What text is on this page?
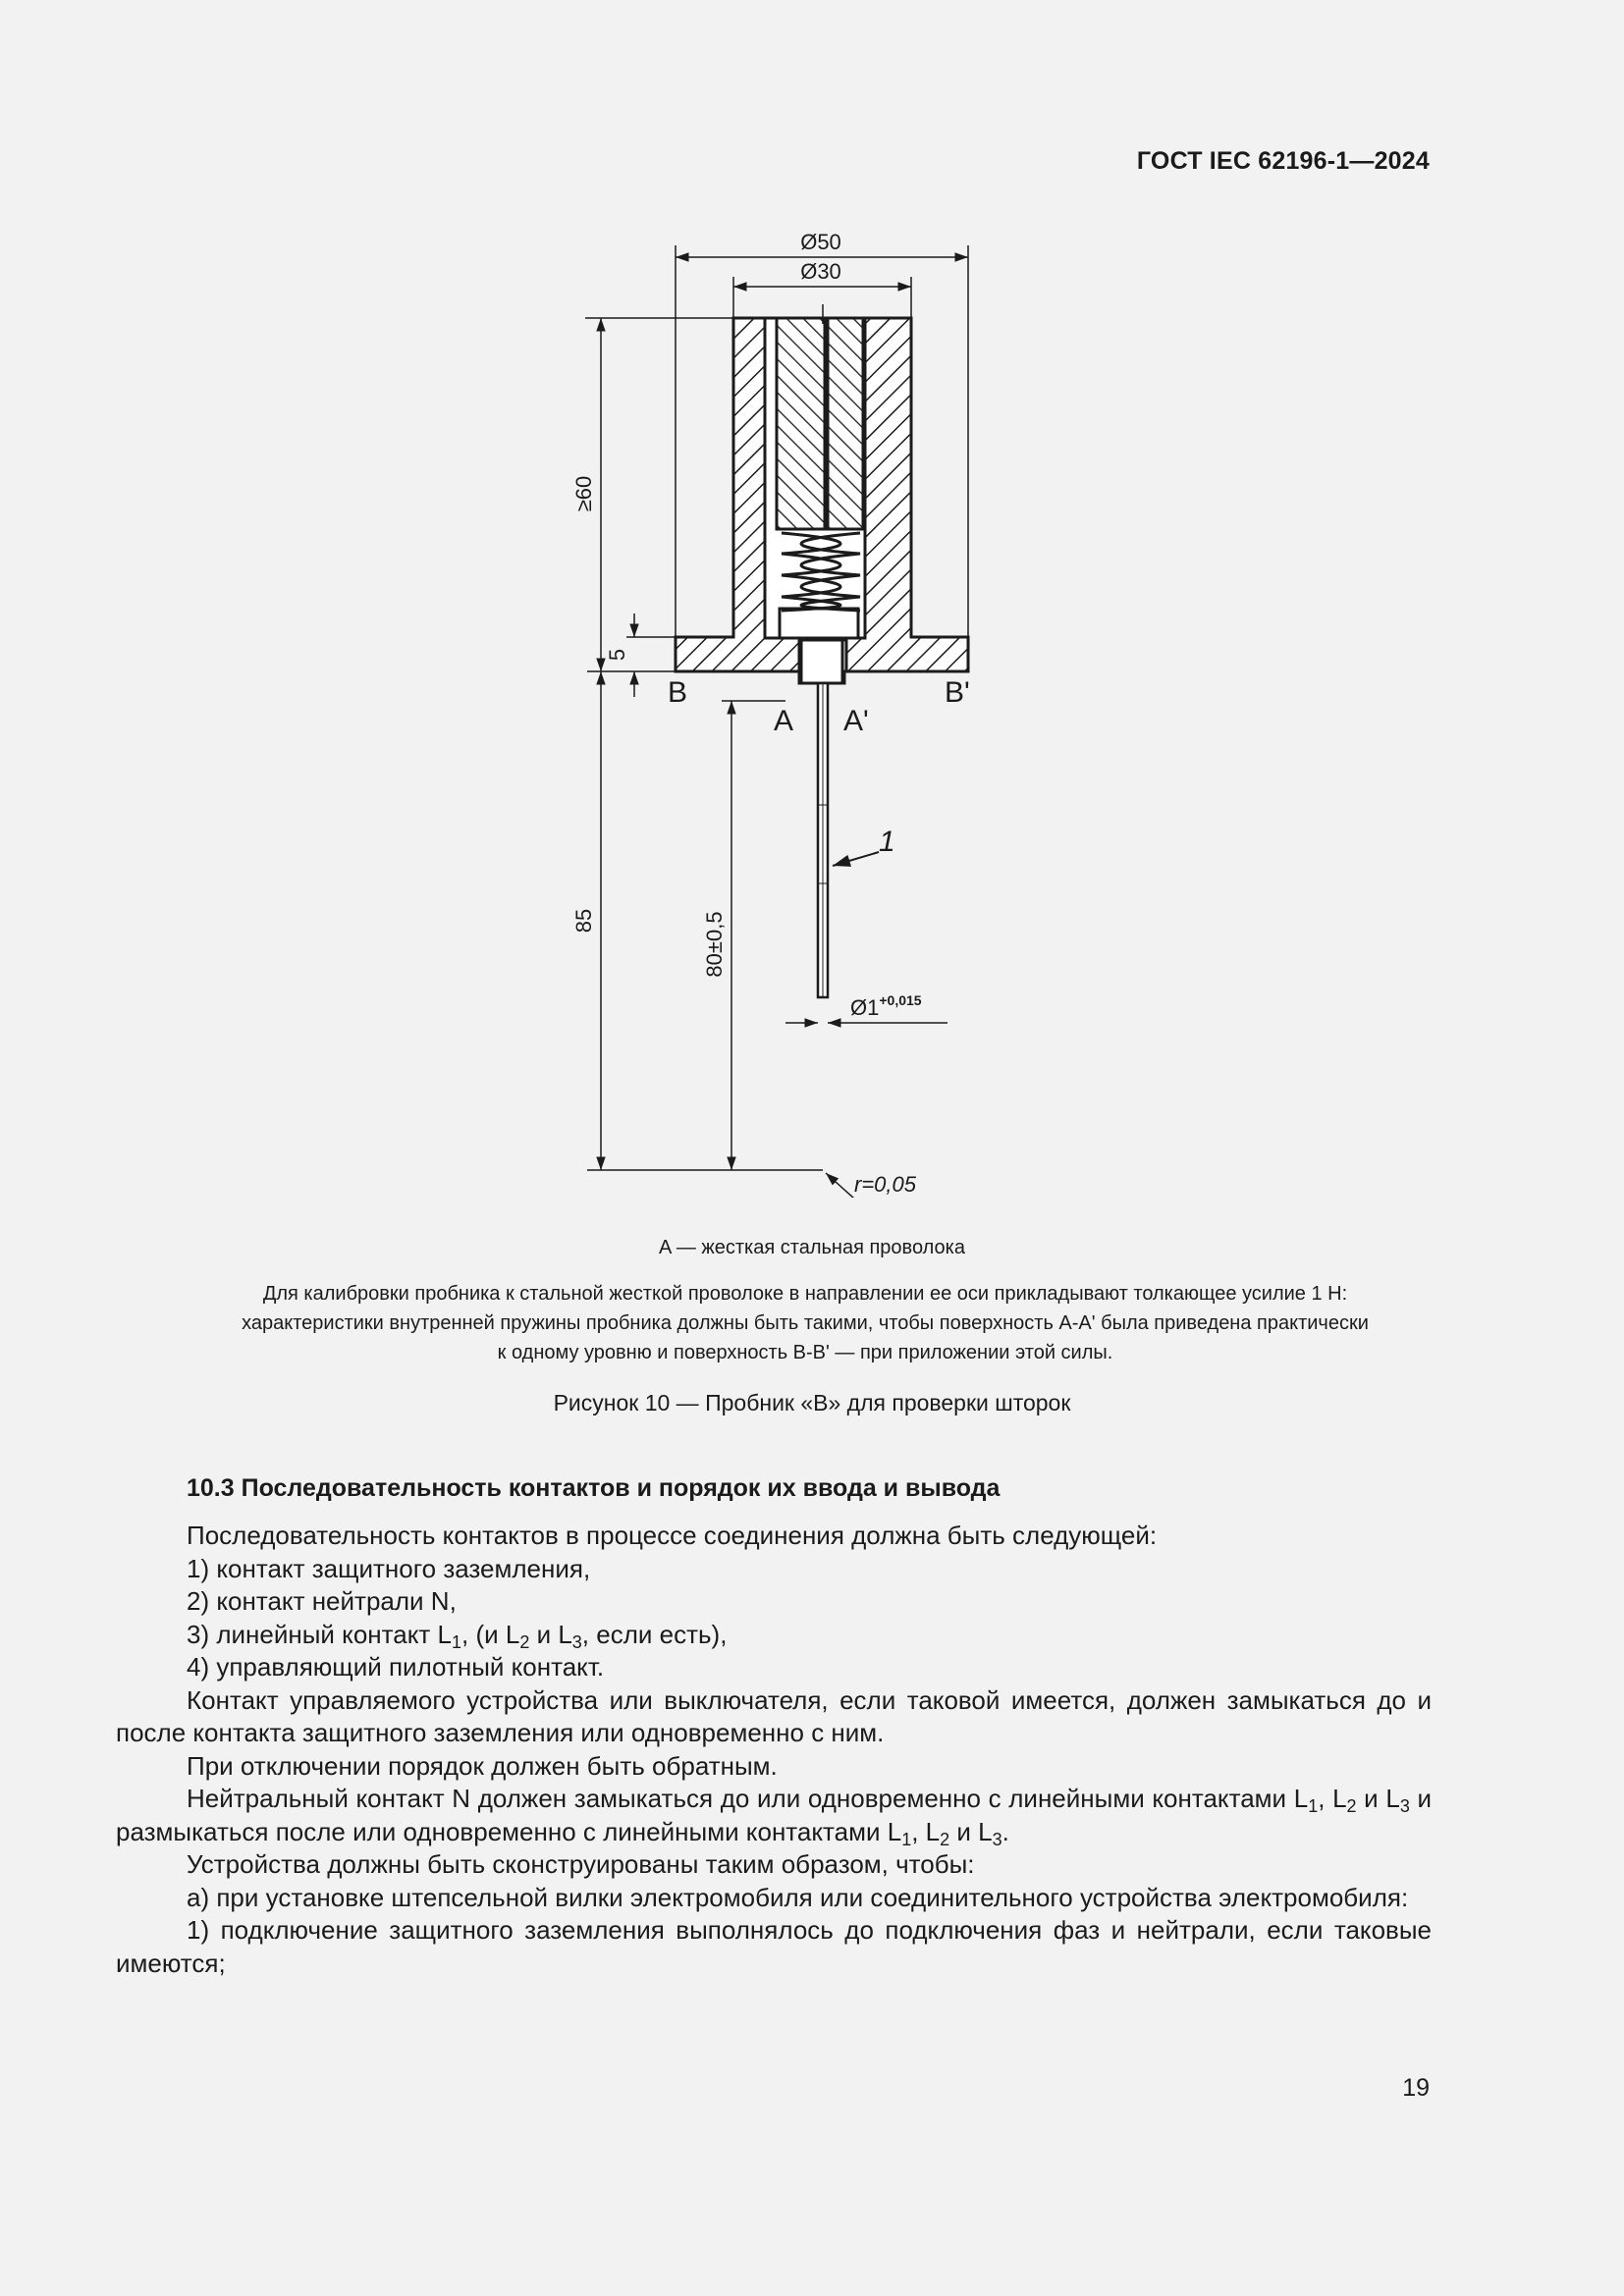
ГОСТ IEC 62196-1—2024
Ø50
Ø30
≥60
5
85	80±0,5
$Ø1^{+0,015}$
r=0,05
B	B'
A A'
1
A — жесткая стальная проволока
Для калибровки пробника к стальной жесткой проволоке в направлении ее оси прикладывают толкающее усилие 1 Н:
характеристики внутренней пружины пробника должны быть такими, чтобы поверхность A-A' была приведена практически
к одному уровню и поверхность B-B' — при приложении этой силы.
Рисунок 10 — Пробник «B» для проверки шторок
10.3 Последовательность контактов и порядок их ввода и вывода

Последовательность контактов в процессе соединения должна быть следующей:

1) контакт защитного заземления,

2) контакт нейтрали N,

3) линейный контакт $L_1$, (и $L_2$ и $L_3$, если есть),

4) управляющий пилотный контакт.

Контакт управляемого устройства или выключателя, если таковой имеется, должен замыкаться до и после контакта защитного заземления или одновременно с ним.

При отключении порядок должен быть обратным.

Нейтральный контакт N должен замыкаться до или одновременно с линейными контактами $L_1$, $L_2$ и $L_3$ и размыкаться после или одновременно с линейными контактами $L_1$, $L_2$ и $L_3$.

Устройства должны быть сконструированы таким образом, чтобы:

a) при установке штепсельной вилки электромобиля или соединительного устройства электромобиля:

1) подключение защитного заземления выполнялось до подключения фаз и нейтрали, если таковые имеются;

19
